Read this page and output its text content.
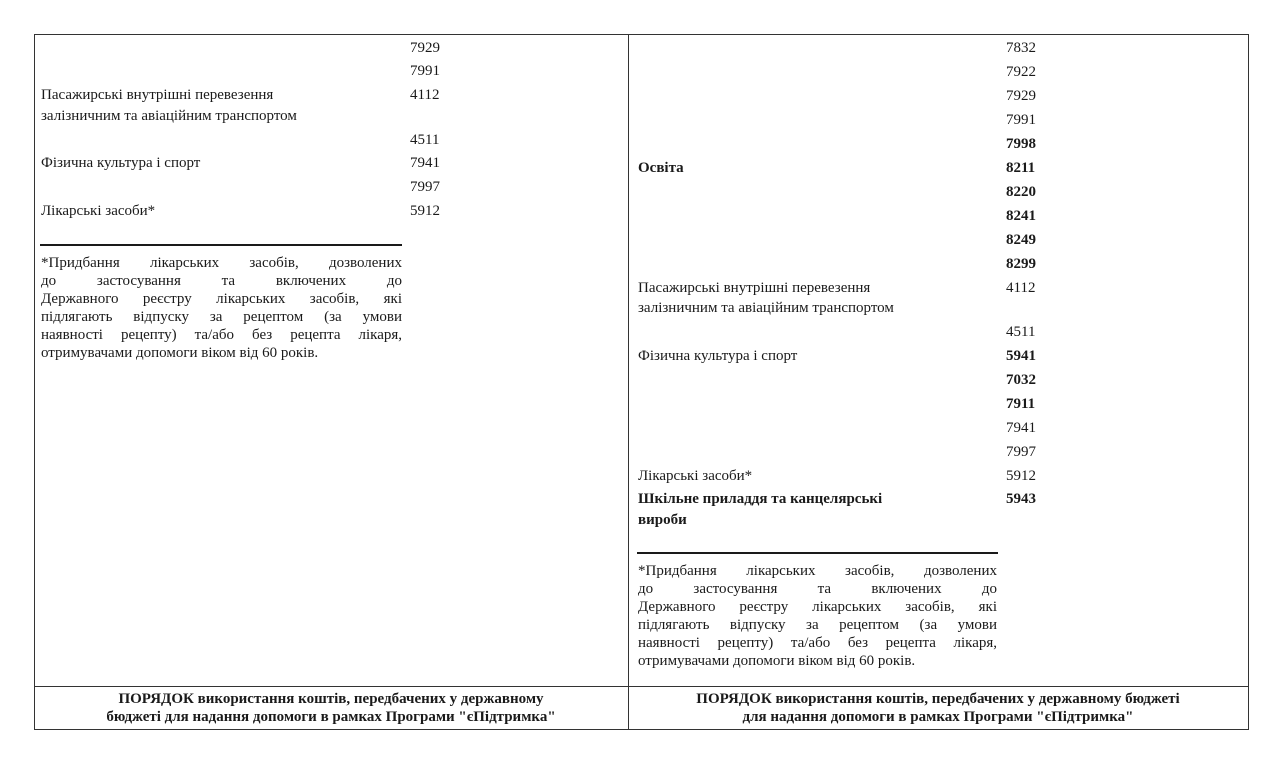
Пасажирські внутрішні перевезення
залізничним та авіаційним транспортом
Фізична культура і спорт
Лікарські засоби*
7929
7991
4112
4511
7941
7997
5912
Освіта
Пасажирські внутрішні перевезення
залізничним та авіаційним транспортом
Фізична культура і спорт
Лікарські засоби*
Шкільне приладдя та канцелярські
вироби
7832
7922
7929
7991
7998
8211
8220
8241
8249
8299
4112
4511
5941
7032
7911
7941
7997
5912
5943
*Придбання лікарських засобів, дозволених
до застосування та включених до
Державного реєстру лікарських засобів, які
підлягають відпуску за рецептом (за умови
наявності рецепту) та/або без рецепта лікаря,
отримувачами допомоги віком від 60 років.
*Придбання лікарських засобів, дозволених
до застосування та включених до
Державного реєстру лікарських засобів, які
підлягають відпуску за рецептом (за умови
наявності рецепту) та/або без рецепта лікаря,
отримувачами допомоги віком від 60 років.
ПОРЯДОК використання коштів, передбачених у державному
бюджеті для надання допомоги в рамках Програми "єПідтримка"
ПОРЯДОК використання коштів, передбачених у державному бюджеті
для надання допомоги в рамках Програми "єПідтримка"
